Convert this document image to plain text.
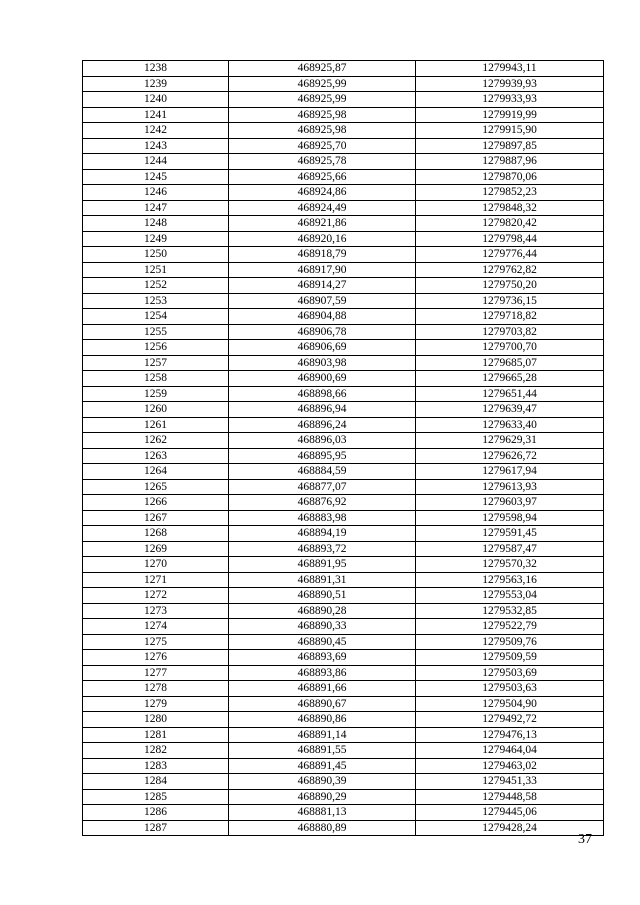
1238	468925,87	1279943,11
1239	468925,99	1279939,93
1240	468925,99	1279933,93
1241	468925,98	1279919,99
1242	468925,98	1279915,90
1243	468925,70	1279897,85
1244	468925,78	1279887,96
1245	468925,66	1279870,06
1246	468924,86	1279852,23
1247	468924,49	1279848,32
1248	468921,86	1279820,42
1249	468920,16	1279798,44
1250	468918,79	1279776,44
1251	468917,90	1279762,82
1252	468914,27	1279750,20
1253	468907,59	1279736,15
1254	468904,88	1279718,82
1255	468906,78	1279703,82
1256	468906,69	1279700,70
1257	468903,98	1279685,07
1258	468900,69	1279665,28
1259	468898,66	1279651,44
1260	468896,94	1279639,47
1261	468896,24	1279633,40
1262	468896,03	1279629,31
1263	468895,95	1279626,72
1264	468884,59	1279617,94
1265	468877,07	1279613,93
1266	468876,92	1279603,97
1267	468883,98	1279598,94
1268	468894,19	1279591,45
1269	468893,72	1279587,47
1270	468891,95	1279570,32
1271	468891,31	1279563,16
1272	468890,51	1279553,04
1273	468890,28	1279532,85
1274	468890,33	1279522,79
1275	468890,45	1279509,76
1276	468893,69	1279509,59
1277	468893,86	1279503,69
1278	468891,66	1279503,63
1279	468890,67	1279504,90
1280	468890,86	1279492,72
1281	468891,14	1279476,13
1282	468891,55	1279464,04
1283	468891,45	1279463,02
1284	468890,39	1279451,33
1285	468890,29	1279448,58
1286	468881,13	1279445,06
1287	468880,89	1279428,24
37
